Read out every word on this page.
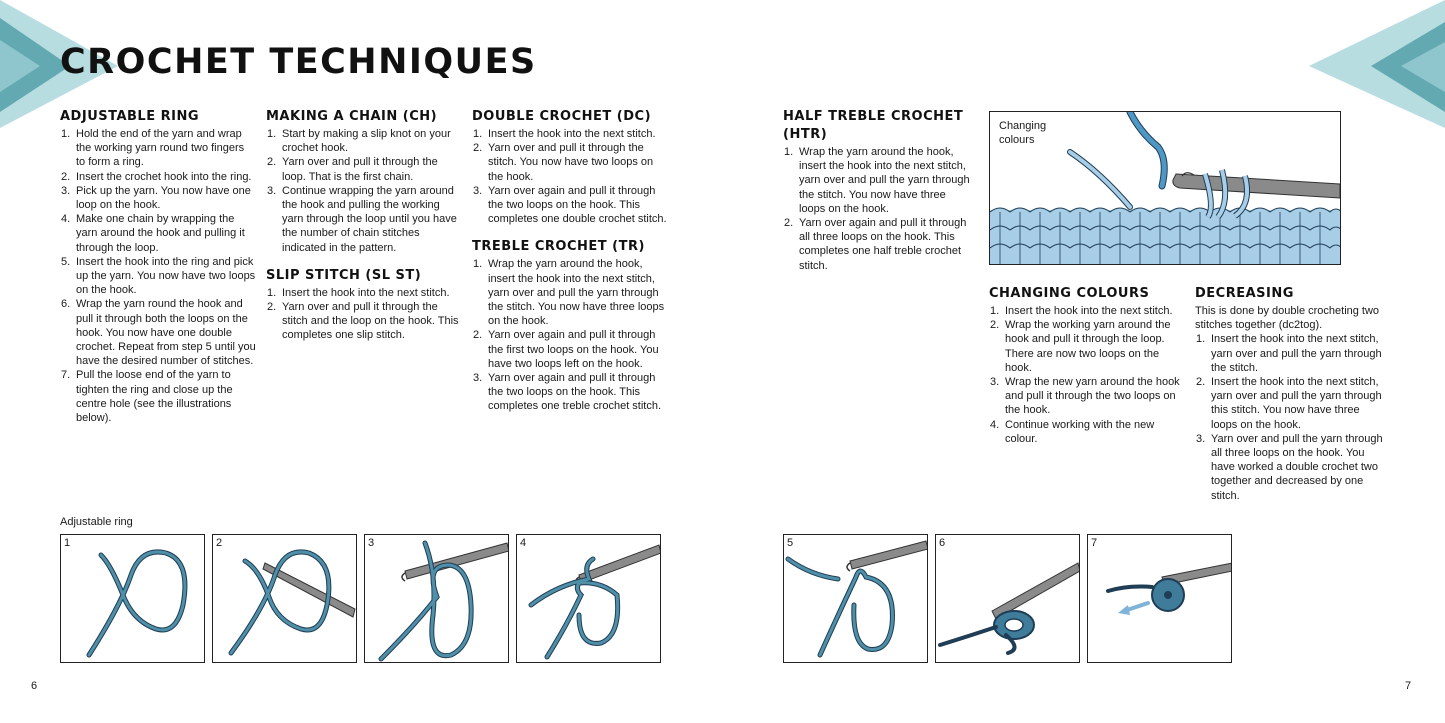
CROCHET TECHNIQUES
ADJUSTABLE RING
1. Hold the end of the yarn and wrap the working yarn round two fingers to form a ring.
2. Insert the crochet hook into the ring.
3. Pick up the yarn. You now have one loop on the hook.
4. Make one chain by wrapping the yarn around the hook and pulling it through the loop.
5. Insert the hook into the ring and pick up the yarn. You now have two loops on the hook.
6. Wrap the yarn round the hook and pull it through both the loops on the hook. You now have one double crochet. Repeat from step 5 until you have the desired number of stitches.
7. Pull the loose end of the yarn to tighten the ring and close up the centre hole (see the illustrations below).
MAKING A CHAIN (CH)
1. Start by making a slip knot on your crochet hook.
2. Yarn over and pull it through the loop. That is the first chain.
3. Continue wrapping the yarn around the hook and pulling the working yarn through the loop until you have the number of chain stitches indicated in the pattern.
SLIP STITCH (SL ST)
1. Insert the hook into the next stitch.
2. Yarn over and pull it through the stitch and the loop on the hook. This completes one slip stitch.
DOUBLE CROCHET (DC)
1. Insert the hook into the next stitch.
2. Yarn over and pull it through the stitch. You now have two loops on the hook.
3. Yarn over again and pull it through the two loops on the hook. This completes one double crochet stitch.
TREBLE CROCHET (TR)
1. Wrap the yarn around the hook, insert the hook into the next stitch, yarn over and pull the yarn through the stitch. You now have three loops on the hook.
2. Yarn over again and pull it through the first two loops on the hook. You have two loops left on the hook.
3. Yarn over again and pull it through the two loops on the hook. This completes one treble crochet stitch.
HALF TREBLE CROCHET
(HTR)
1. Wrap the yarn around the hook, insert the hook into the next stitch, yarn over and pull the yarn through the stitch. You now have three loops on the hook.
2. Yarn over again and pull it through all three loops on the hook. This completes one half treble crochet stitch.
Changing colours
CHANGING COLOURS
1. Insert the hook into the next stitch.
2. Wrap the working yarn around the hook and pull it through the loop. There are now two loops on the hook.
3. Wrap the new yarn around the hook and pull it through the two loops on the hook.
4. Continue working with the new colour.
DECREASING

This is done by double crocheting two stitches together (dc2tog).

1. Insert the hook into the next stitch, yarn over and pull the yarn through the stitch.
2. Insert the hook into the next stitch, yarn over and pull the yarn through this stitch. You now have three loops on the hook.
3. Yarn over and pull the yarn through all three loops on the hook. You have worked a double crochet two together and decreased by one stitch.
Adjustable ring
1	2	3	4	5	6	7
6	7
